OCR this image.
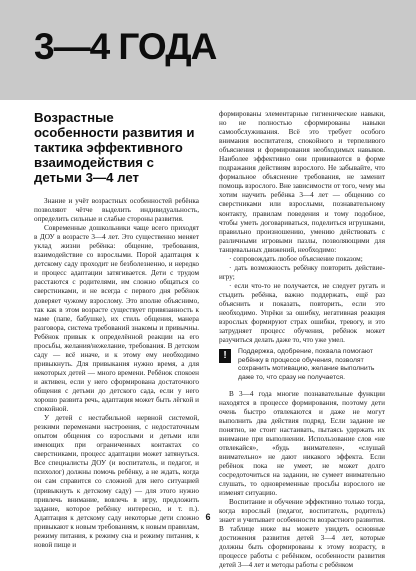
3—4 ГОДА
Возрастные особенности развития и тактика эффективного взаимодействия с детьми 3—4 лет

Знание и учёт возрастных особенностей ребёнка позволяют чётче выделить индивидуальность, определить сильные и слабые стороны развития.

Современные дошкольники чаще всего приходят в ДОУ в возрасте 3—4 лет. Это существенно меняет уклад жизни ребёнка: общение, требования, взаимодействие со взрослыми. Порой адаптация к детскому саду проходит не безболезненно, и нередко и процесс адаптации затягивается. Дети с трудом расстаются с родителями, им сложно общаться со сверстниками, и не всегда с первого дня ребёнок доверяет чужому взрослому. Это вполне объяснимо, так как в этом возрасте существует привязанность к маме (папе, бабушке), их стиль общения, манера разговора, система требований знакомы и привычны. Ребёнок привык к определённой реакции на его просьбы, желания/нежелание, требования. В детском саду — всё иначе, и к этому ему необходимо привыкнуть. Для привыкания нужно время, а для некоторых детей — много времени. Ребёнок спокоен и активен, если у него сформирована достаточного общения с детьми до детского сада, если у него хорошо развита речь, адаптация может быть лёгкой и спокойной.

У детей с нестабильной нервной системой, резкими переменами настроения, с недостаточным опытом общения со взрослыми и детьми или имеющих при ограниченных контактах со сверстниками, процесс адаптации может затянуться. Все специалисты ДОУ (и воспитатель, и педагог, и психолог) должны помочь ребёнку, а не ждать, когда он сам справится со сложной для него ситуацией (привыкнуть к детскому саду) — для этого нужно привлечь внимание, вовлечь в игру, предложить задание, которое ребёнку интересно, и т. п.). Адаптация к детскому саду некоторые дети сложно привыкают к новым требованиям, к новым правилам, режиму питания, к режиму сна и режиму питания, к новой пище и

формированы элементарные гигиенические навыки, но не полностью сформированы навыки самообслуживания. Всё это требует особого внимания воспитателя, спокойного и терпеливого объяснения и формирования необходимых навыков. Наиболее эффективно они прививаются в форме подражания действиям взрослого. Не забывайте, что формальное объяснение требования, не заменит помощь взрослого. Вне зависимости от того, чему мы хотим научить ребёнка 3—4 лет — общению со сверстниками или взрослыми, познавательному контакту, правилам поведения и тому подобное, чтобы уметь договариваться, поделиться игрушками, правильно произношению, умению действовать с различными игровыми пазлы, позволяющими для танцевальных движений, необходимо:

· сопровождать любое объяснение показом;

· дать возможность ребёнку повторить действие-игру;

· если что-то не получается, не следует ругать и стыдить ребёнка, важно поддержать, ещё раз объяснить и показать, повторить, если это необходимо. Упрёки за ошибку, негативная реакция взрослых формируют страх ошибки, тревогу, и это затрудняет процесс обучения, ребёнок может разучиться делать даже то, что уже умел.

!	Поддержка, одобрение, похвала помогают ребёнку в процессе обучения, позволят сохранить мотивацию, желание выполнить даже то, что сразу не получается.

В 3—4 года многие познавательные функции находятся в процессе формирования, поэтому дети очень быстро отвлекаются и даже не могут выполнить два действия подряд. Если задание не понятно, не стоит настаивать, пытаясь удержать их внимание при выполнении. Использование слов «не отвлекайся», «будь внимателен», «слушай внимательно» не дают никакого эффекта. Если ребёнок пока не умеет, не может долго сосредоточиться на задании, не сумеет внимательно слушать, то одновременные просьбы взрослого не изменят ситуацию.

Воспитание и обучение эффективно только тогда, когда взрослый (педагог, воспитатель, родитель) знает и учитывает особенности возрастного развития. В таблице ниже вы можете увидеть основные достижения развития детей 3—4 лет, которые должны быть сформированы к этому возрасту, в процессе работы с ребёнком, особенности развития детей 3—4 лет и методы работы с ребёнком

6
